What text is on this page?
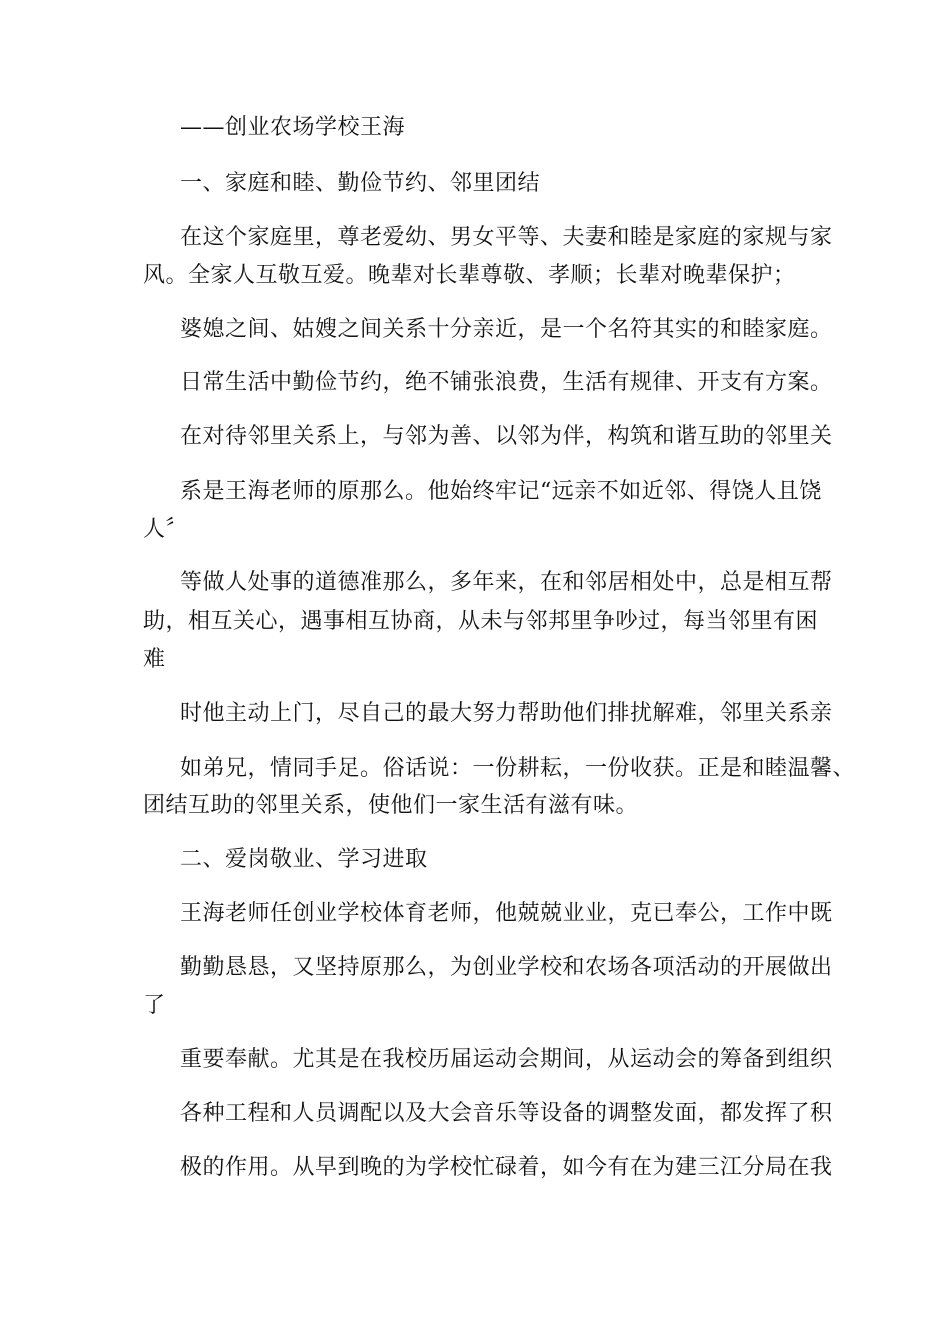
——创业农场学校王海
一、家庭和睦、勤俭节约、邻里团结
在这个家庭里，尊老爱幼、男女平等、夫妻和睦是家庭的家规与家
风。全家人互敬互爱。晚辈对长辈尊敬、孝顺；长辈对晚辈保护；
婆媳之间、姑嫂之间关系十分亲近，是一个名符其实的和睦家庭。
日常生活中勤俭节约，绝不铺张浪费，生活有规律、开支有方案。
在对待邻里关系上，与邻为善、以邻为伴，构筑和谐互助的邻里关
系是王海老师的原那么。他始终牢记“远亲不如近邻、得饶人且饶
人〞
等做人处事的道德准那么，多年来，在和邻居相处中，总是相互帮
助，相互关心，遇事相互协商，从未与邻邦里争吵过，每当邻里有困
难
时他主动上门，尽自己的最大努力帮助他们排扰解难，邻里关系亲
如弟兄，情同手足。俗话说：一份耕耘，一份收获。正是和睦温馨、
团结互助的邻里关系，使他们一家生活有滋有味。
二、爱岗敬业、学习进取
王海老师任创业学校体育老师，他兢兢业业，克已奉公，工作中既
勤勤恳恳，又坚持原那么，为创业学校和农场各项活动的开展做出
了
重要奉献。尤其是在我校历届运动会期间，从运动会的筹备到组织
各种工程和人员调配以及大会音乐等设备的调整发面，都发挥了积
极的作用。从早到晚的为学校忙碌着，如今有在为建三江分局在我
